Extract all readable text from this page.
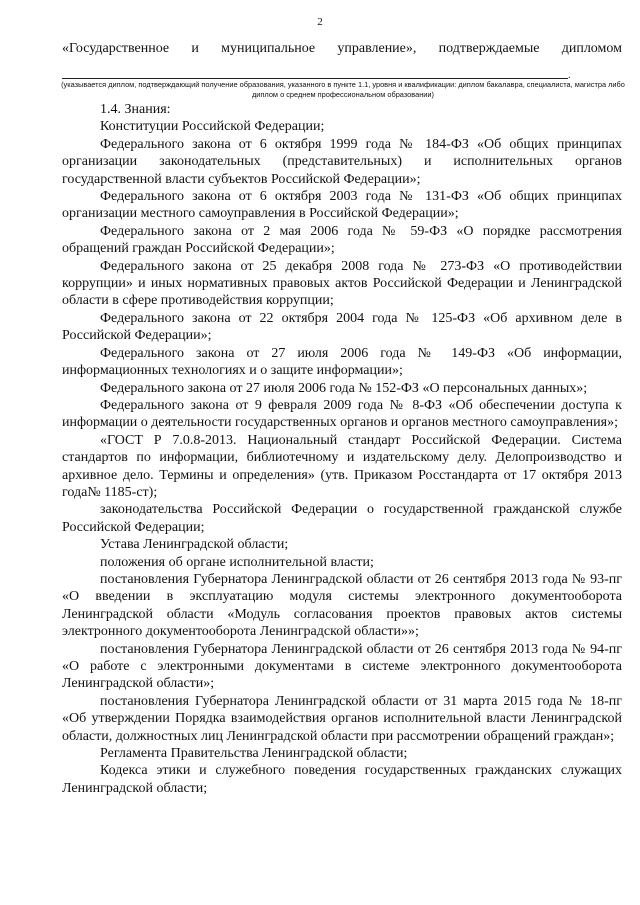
2
«Государственное и муниципальное управление», подтверждаемые дипломом
.
(указывается диплом, подтверждающий получение образования, указанного в пункте 1.1, уровня и квалификации: диплом бакалавра, специалиста, магистра либо диплом о среднем профессиональном образовании)

1.4. Знания:

Конституции Российской Федерации;

Федерального закона от 6 октября 1999 года № 184-ФЗ «Об общих принципах организации законодательных (представительных) и исполнительных органов государственной власти субъектов Российской Федерации»;

Федерального закона от 6 октября 2003 года № 131-ФЗ «Об общих принципах организации местного самоуправления в Российской Федерации»;

Федерального закона от 2 мая 2006 года № 59-ФЗ «О порядке рассмотрения обращений граждан Российской Федерации»;

Федерального закона от 25 декабря 2008 года № 273-ФЗ «О противодействии коррупции» и иных нормативных правовых актов Российской Федерации и Ленинградской области в сфере противодействия коррупции;

Федерального закона от 22 октября 2004 года № 125-ФЗ «Об архивном деле в Российской Федерации»;

Федерального закона от 27 июля 2006 года № 149-ФЗ «Об информации, информационных технологиях и о защите информации»;

Федерального закона от 27 июля 2006 года № 152-ФЗ «О персональных данных»;

Федерального закона от 9 февраля 2009 года № 8-ФЗ «Об обеспечении доступа к информации о деятельности государственных органов и органов местного самоуправления»;

«ГОСТ Р 7.0.8-2013. Национальный стандарт Российской Федерации. Система стандартов по информации, библиотечному и издательскому делу. Делопроизводство и архивное дело. Термины и определения» (утв. Приказом Росстандарта от 17 октября 2013 года№ 1185-ст);

законодательства Российской Федерации о государственной гражданской службе Российской Федерации;

Устава Ленинградской области;

положения об органе исполнительной власти;

постановления Губернатора Ленинградской области от 26 сентября 2013 года № 93-пг «О введении в эксплуатацию модуля системы электронного документооборота Ленинградской области «Модуль согласования проектов правовых актов системы электронного документооборота Ленинградской области»»;

постановления Губернатора Ленинградской области от 26 сентября 2013 года № 94-пг «О работе с электронными документами в системе электронного документооборота Ленинградской области»;

постановления Губернатора Ленинградской области от 31 марта 2015 года № 18-пг «Об утверждении Порядка взаимодействия органов исполнительной власти Ленинградской области, должностных лиц Ленинградской области при рассмотрении обращений граждан»;

Регламента Правительства Ленинградской области;

Кодекса этики и служебного поведения государственных гражданских служащих Ленинградской области;
